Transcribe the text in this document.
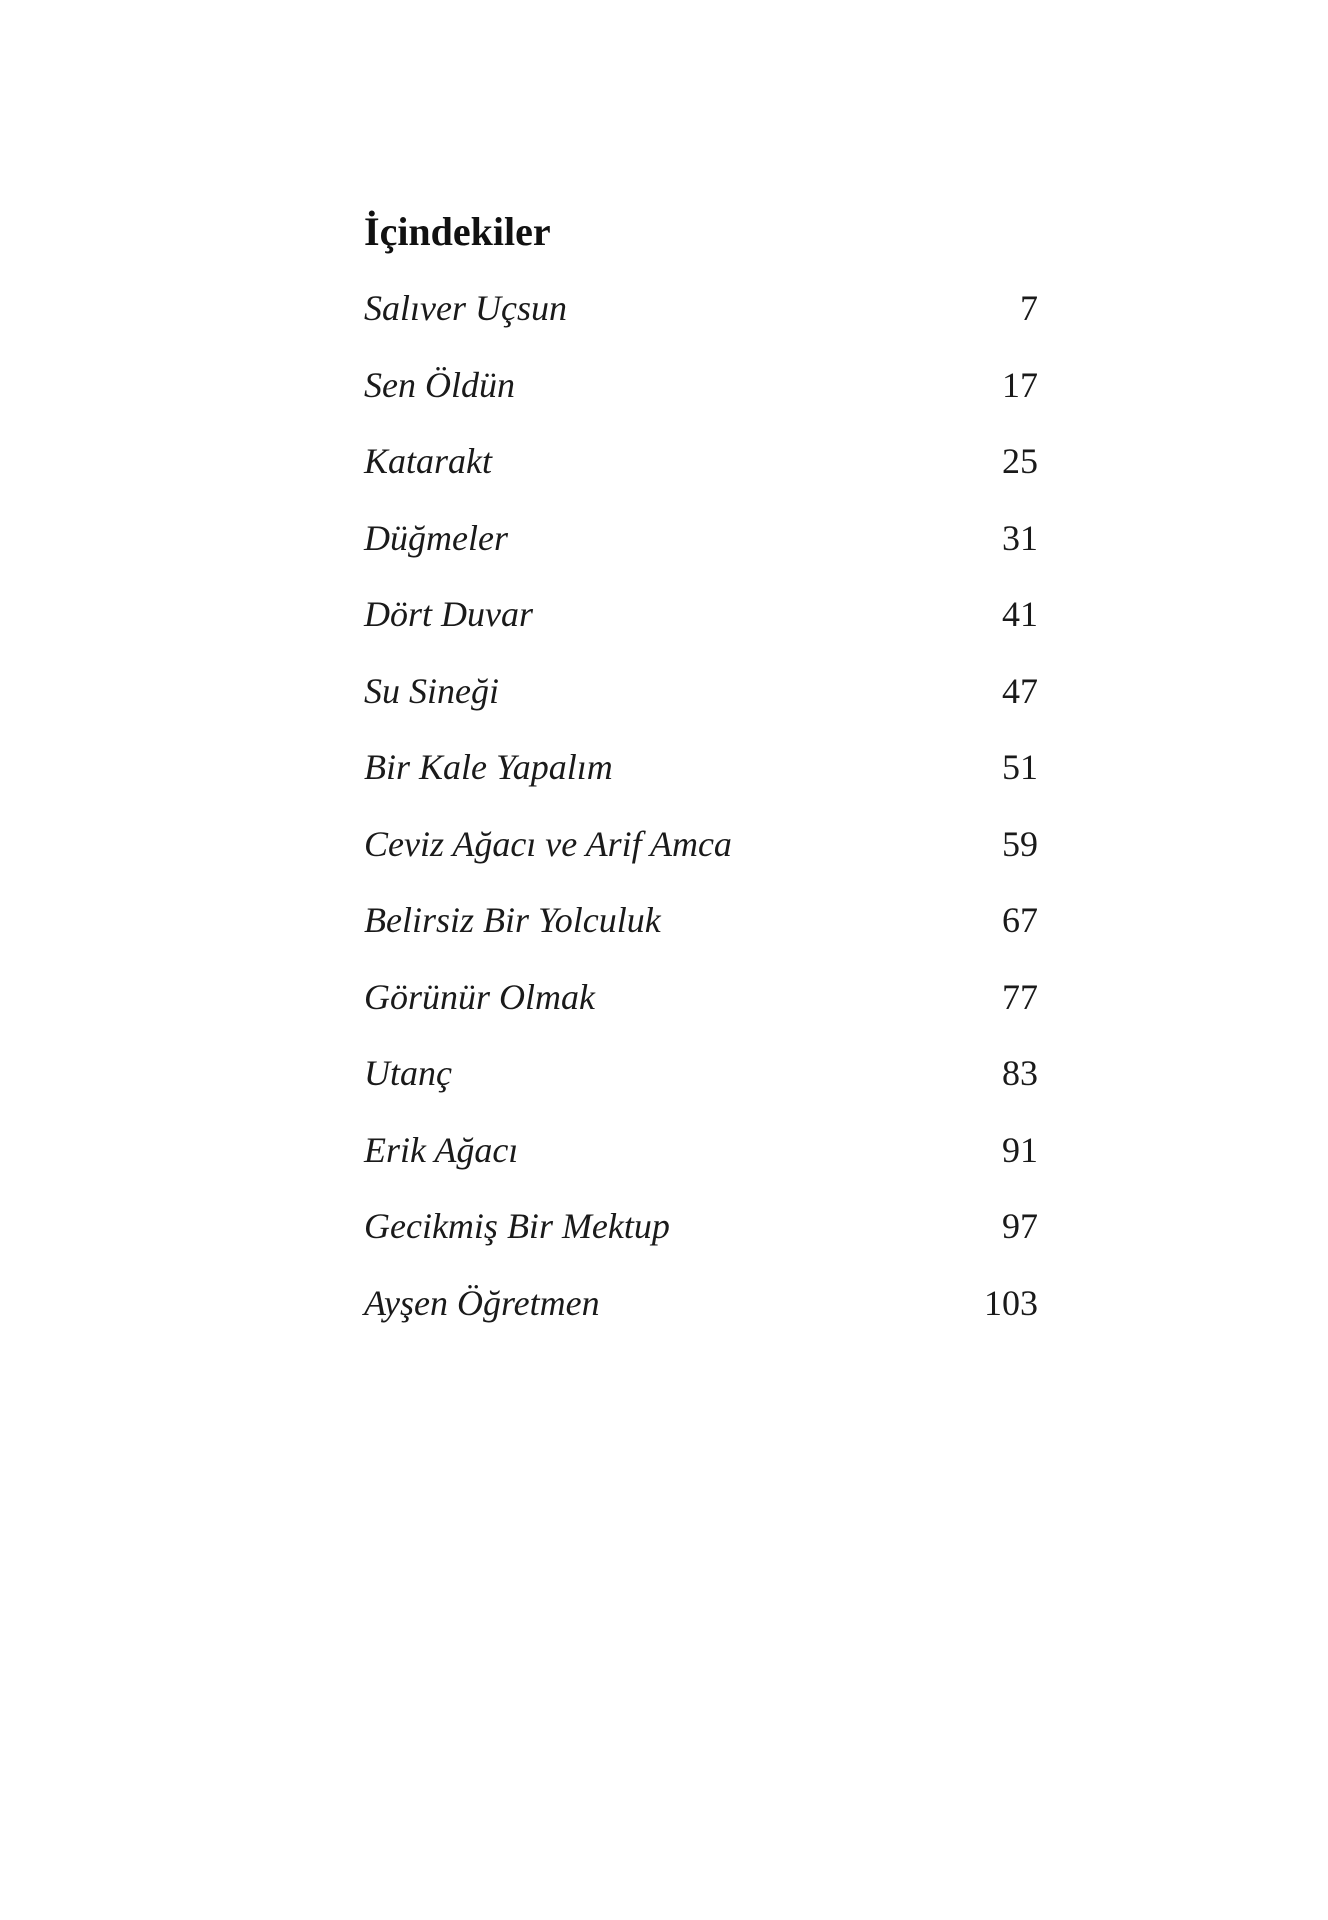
İçindekiler
Salıver Uçsun	7
Sen Öldün	17
Katarakt	25
Düğmeler	31
Dört Duvar	41
Su Sineği	47
Bir Kale Yapalım	51
Ceviz Ağacı ve Arif Amca	59
Belirsiz Bir Yolculuk	67
Görünür Olmak	77
Utanç	83
Erik Ağacı	91
Gecikmiş Bir Mektup	97
Ayşen Öğretmen	103
